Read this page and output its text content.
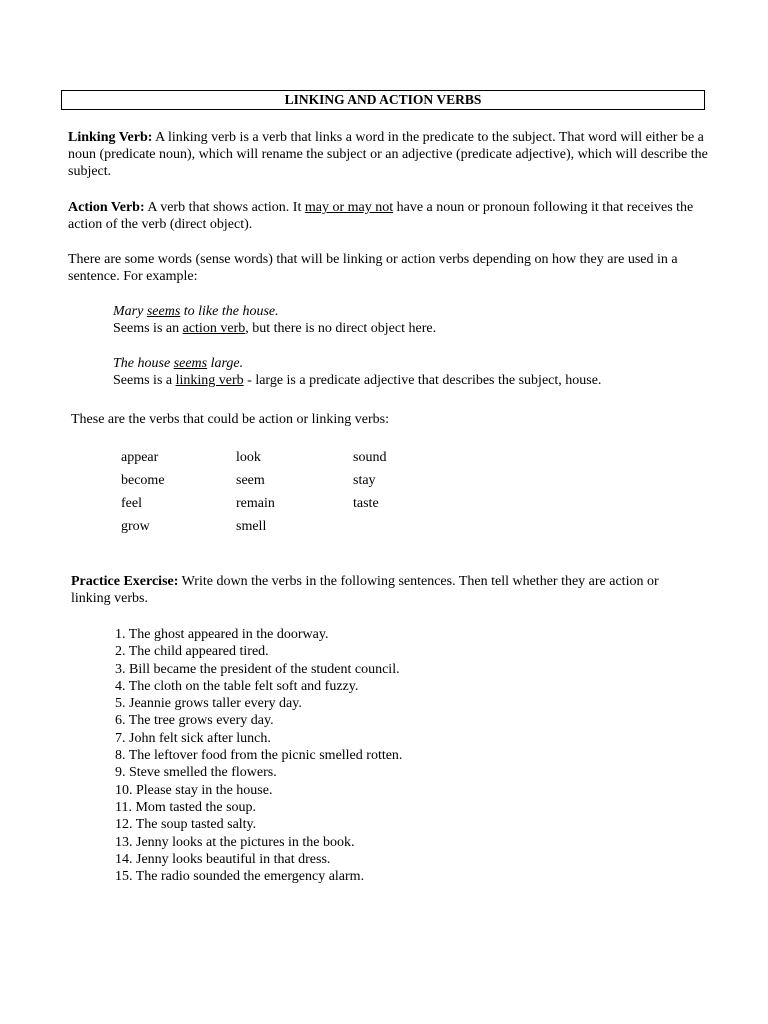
LINKING AND ACTION VERBS

Linking Verb: A linking verb is a verb that links a word in the predicate to the subject. That word will either be a noun (predicate noun), which will rename the subject or an adjective (predicate adjective), which will describe the subject.

Action Verb: A verb that shows action. It may or may not have a noun or pronoun following it that receives the action of the verb (direct object).

There are some words (sense words) that will be linking or action verbs depending on how they are used in a sentence. For example:

Mary seems to like the house.
Seems is an action verb, but there is no direct object here.
The house seems large.
Seems is a linking verb - large is a predicate adjective that describes the subject, house.

These are the verbs that could be action or linking verbs:

appear	look	sound
become	seem	stay
feel	remain	taste
grow	smell

Practice Exercise: Write down the verbs in the following sentences. Then tell whether they are action or linking verbs.

1. The ghost appeared in the doorway.
2. The child appeared tired.
3. Bill became the president of the student council.
4. The cloth on the table felt soft and fuzzy.
5. Jeannie grows taller every day.
6. The tree grows every day.
7. John felt sick after lunch.
8. The leftover food from the picnic smelled rotten.
9. Steve smelled the flowers.
10. Please stay in the house.
11. Mom tasted the soup.
12. The soup tasted salty.
13. Jenny looks at the pictures in the book.
14. Jenny looks beautiful in that dress.
15. The radio sounded the emergency alarm.
